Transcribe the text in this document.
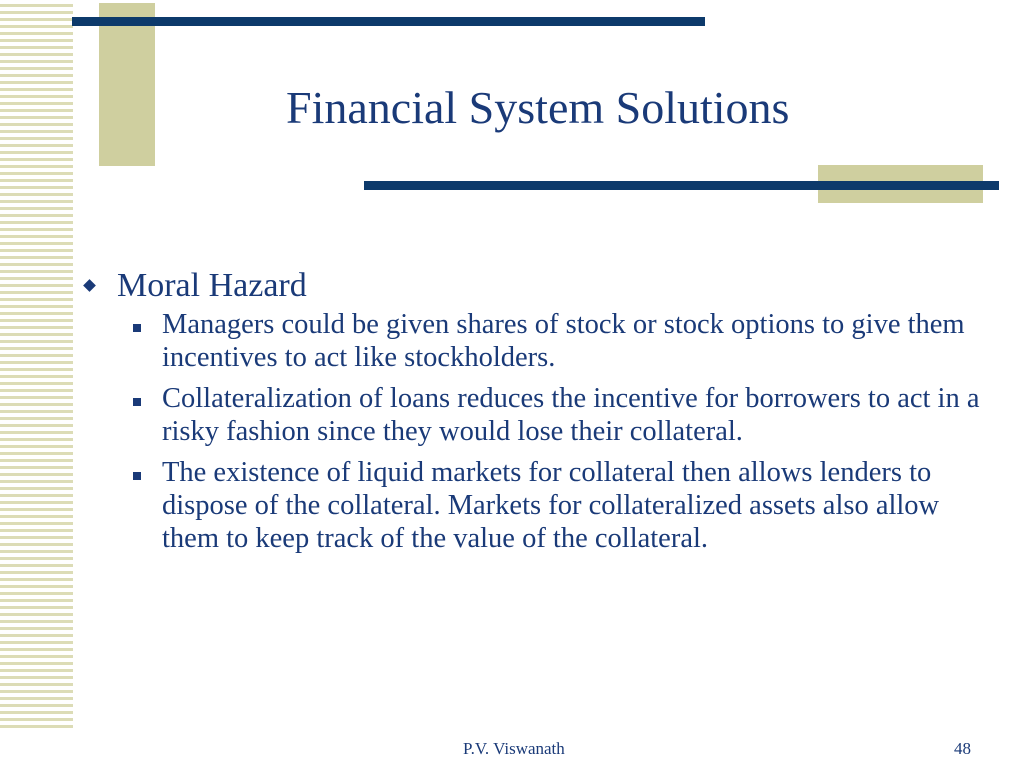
Financial System Solutions
Moral Hazard
Managers could be given shares of stock or stock options to give them incentives to act like stockholders.
Collateralization of loans reduces the incentive for borrowers to act in a risky fashion since they would lose their collateral.
The existence of liquid markets for collateral then allows lenders to dispose of the collateral. Markets for collateralized assets also allow them to keep track of the value of the collateral.
P.V. Viswanath	48
